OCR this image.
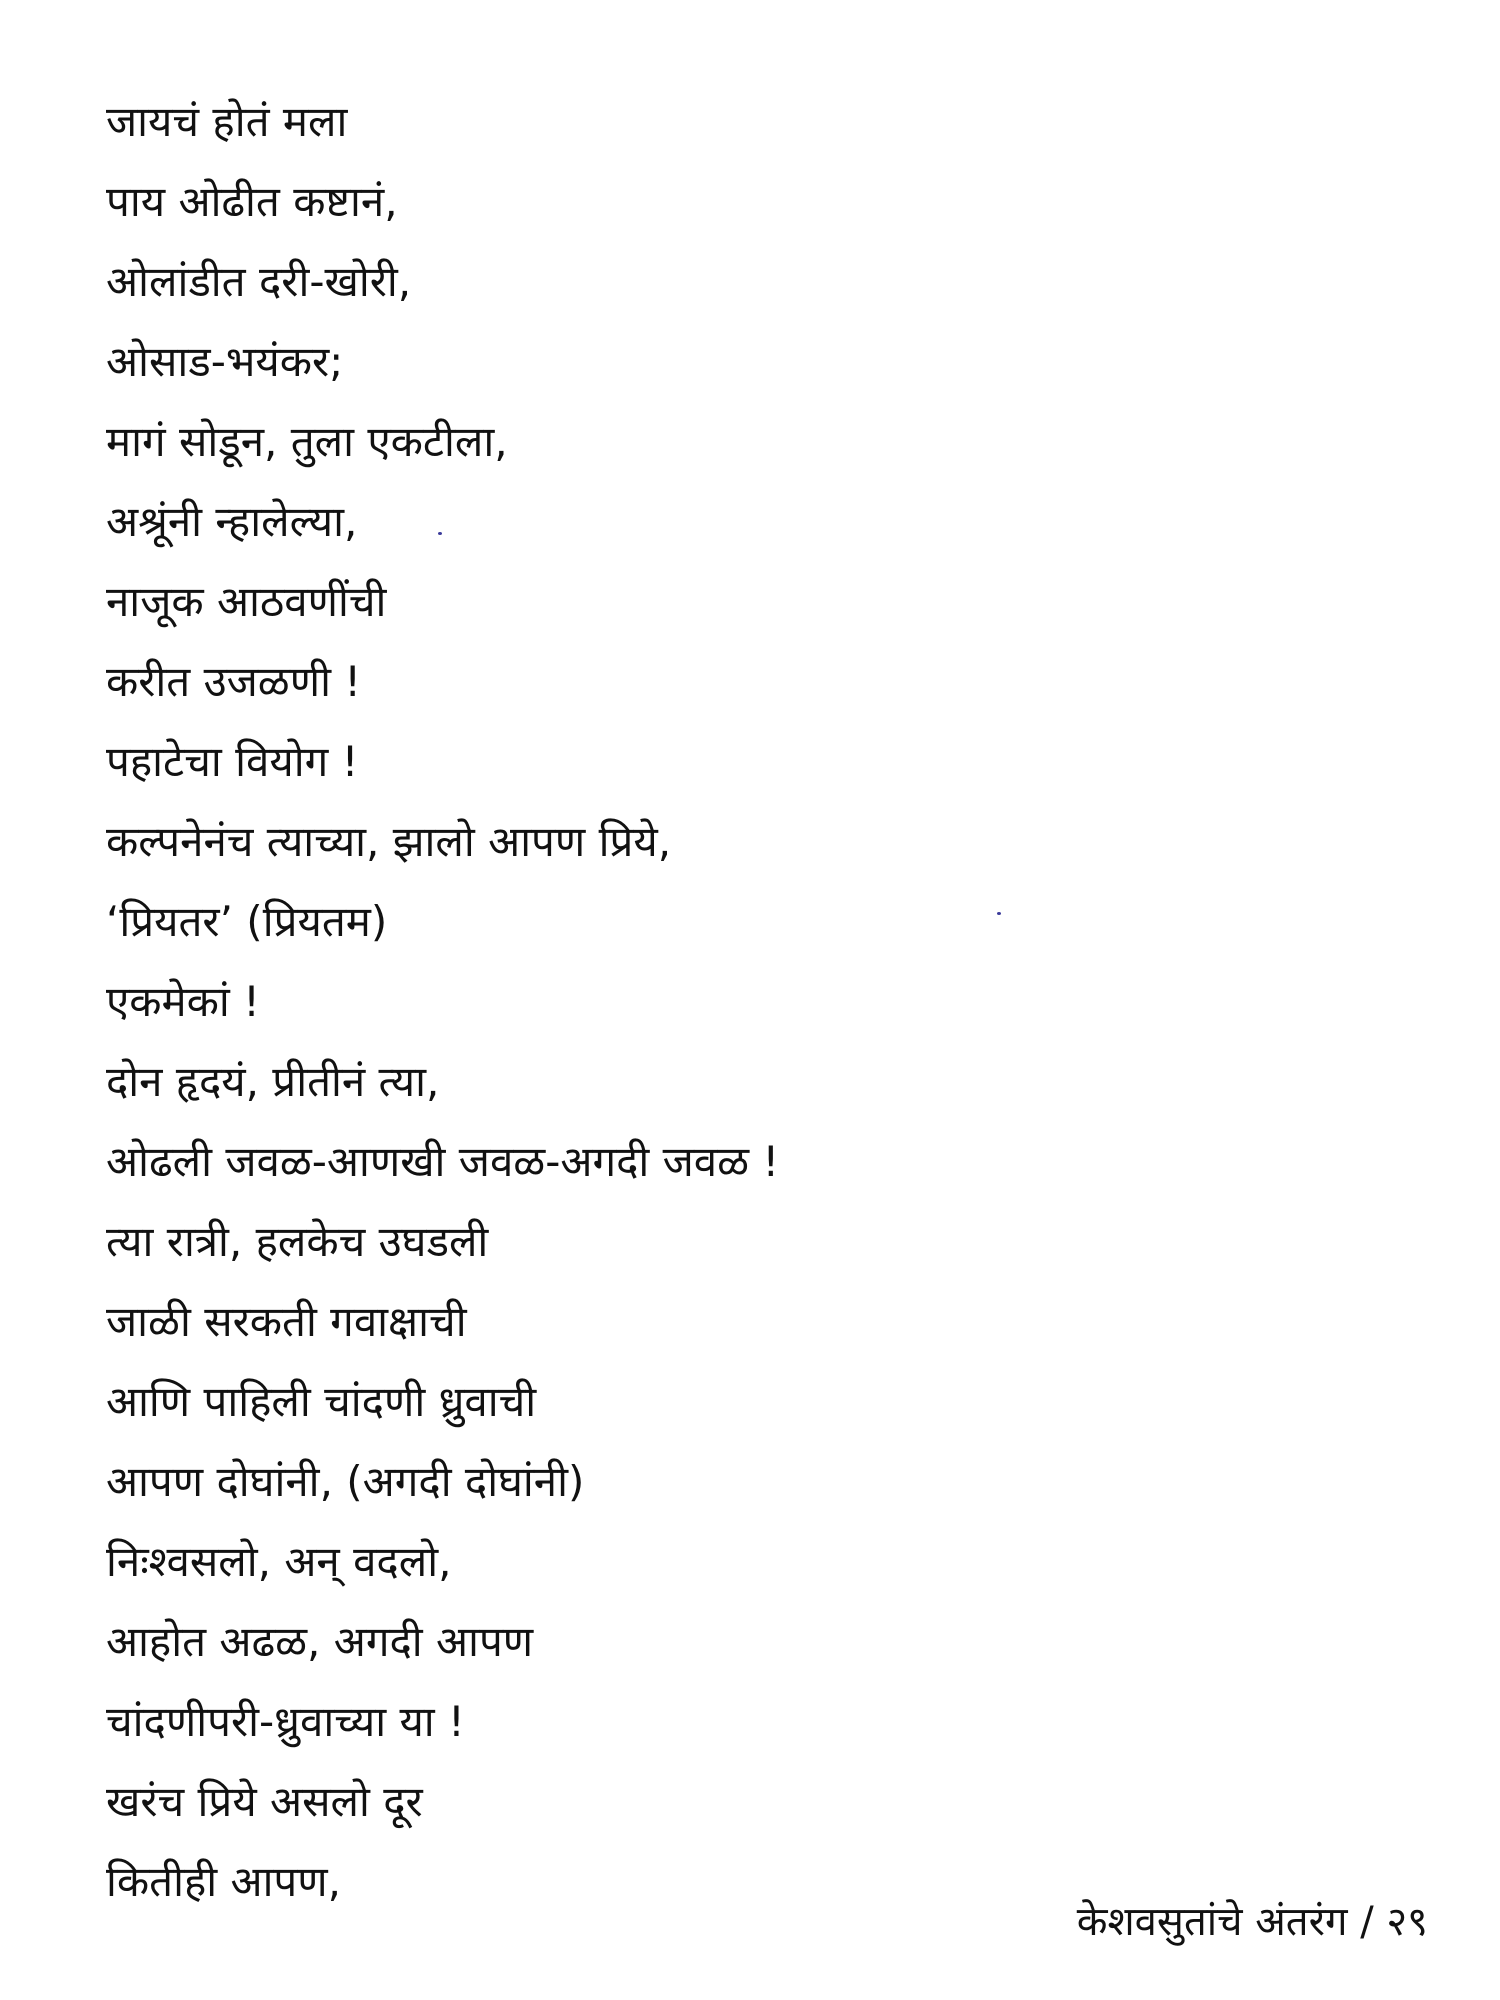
जायचं होतं मला
पाय ओढीत कष्टानं,
ओलांडीत दरी-खोरी,
ओसाड-भयंकर;
मागं सोडून, तुला एकटीला,
अश्रूंनी न्हालेल्या,
नाजूक आठवणींची
करीत उजळणी !
पहाटेचा वियोग !
कल्पनेनंच त्याच्या, झालो आपण प्रिये,
‘प्रियतर’ (प्रियतम)
एकमेकां !
दोन हृदयं, प्रीतीनं त्या,
ओढली जवळ-आणखी जवळ-अगदी जवळ !
त्या रात्री, हलकेच उघडली
जाळी सरकती गवाक्षाची
आणि पाहिली चांदणी ध्रुवाची
आपण दोघांनी, (अगदी दोघांनी)
निःश्वसलो, अन् वदलो,
आहोत अढळ, अगदी आपण
चांदणीपरी-ध्रुवाच्या या !
खरंच प्रिये असलो दूर
कितीही आपण,
केशवसुतांचे अंतरंग / २९
